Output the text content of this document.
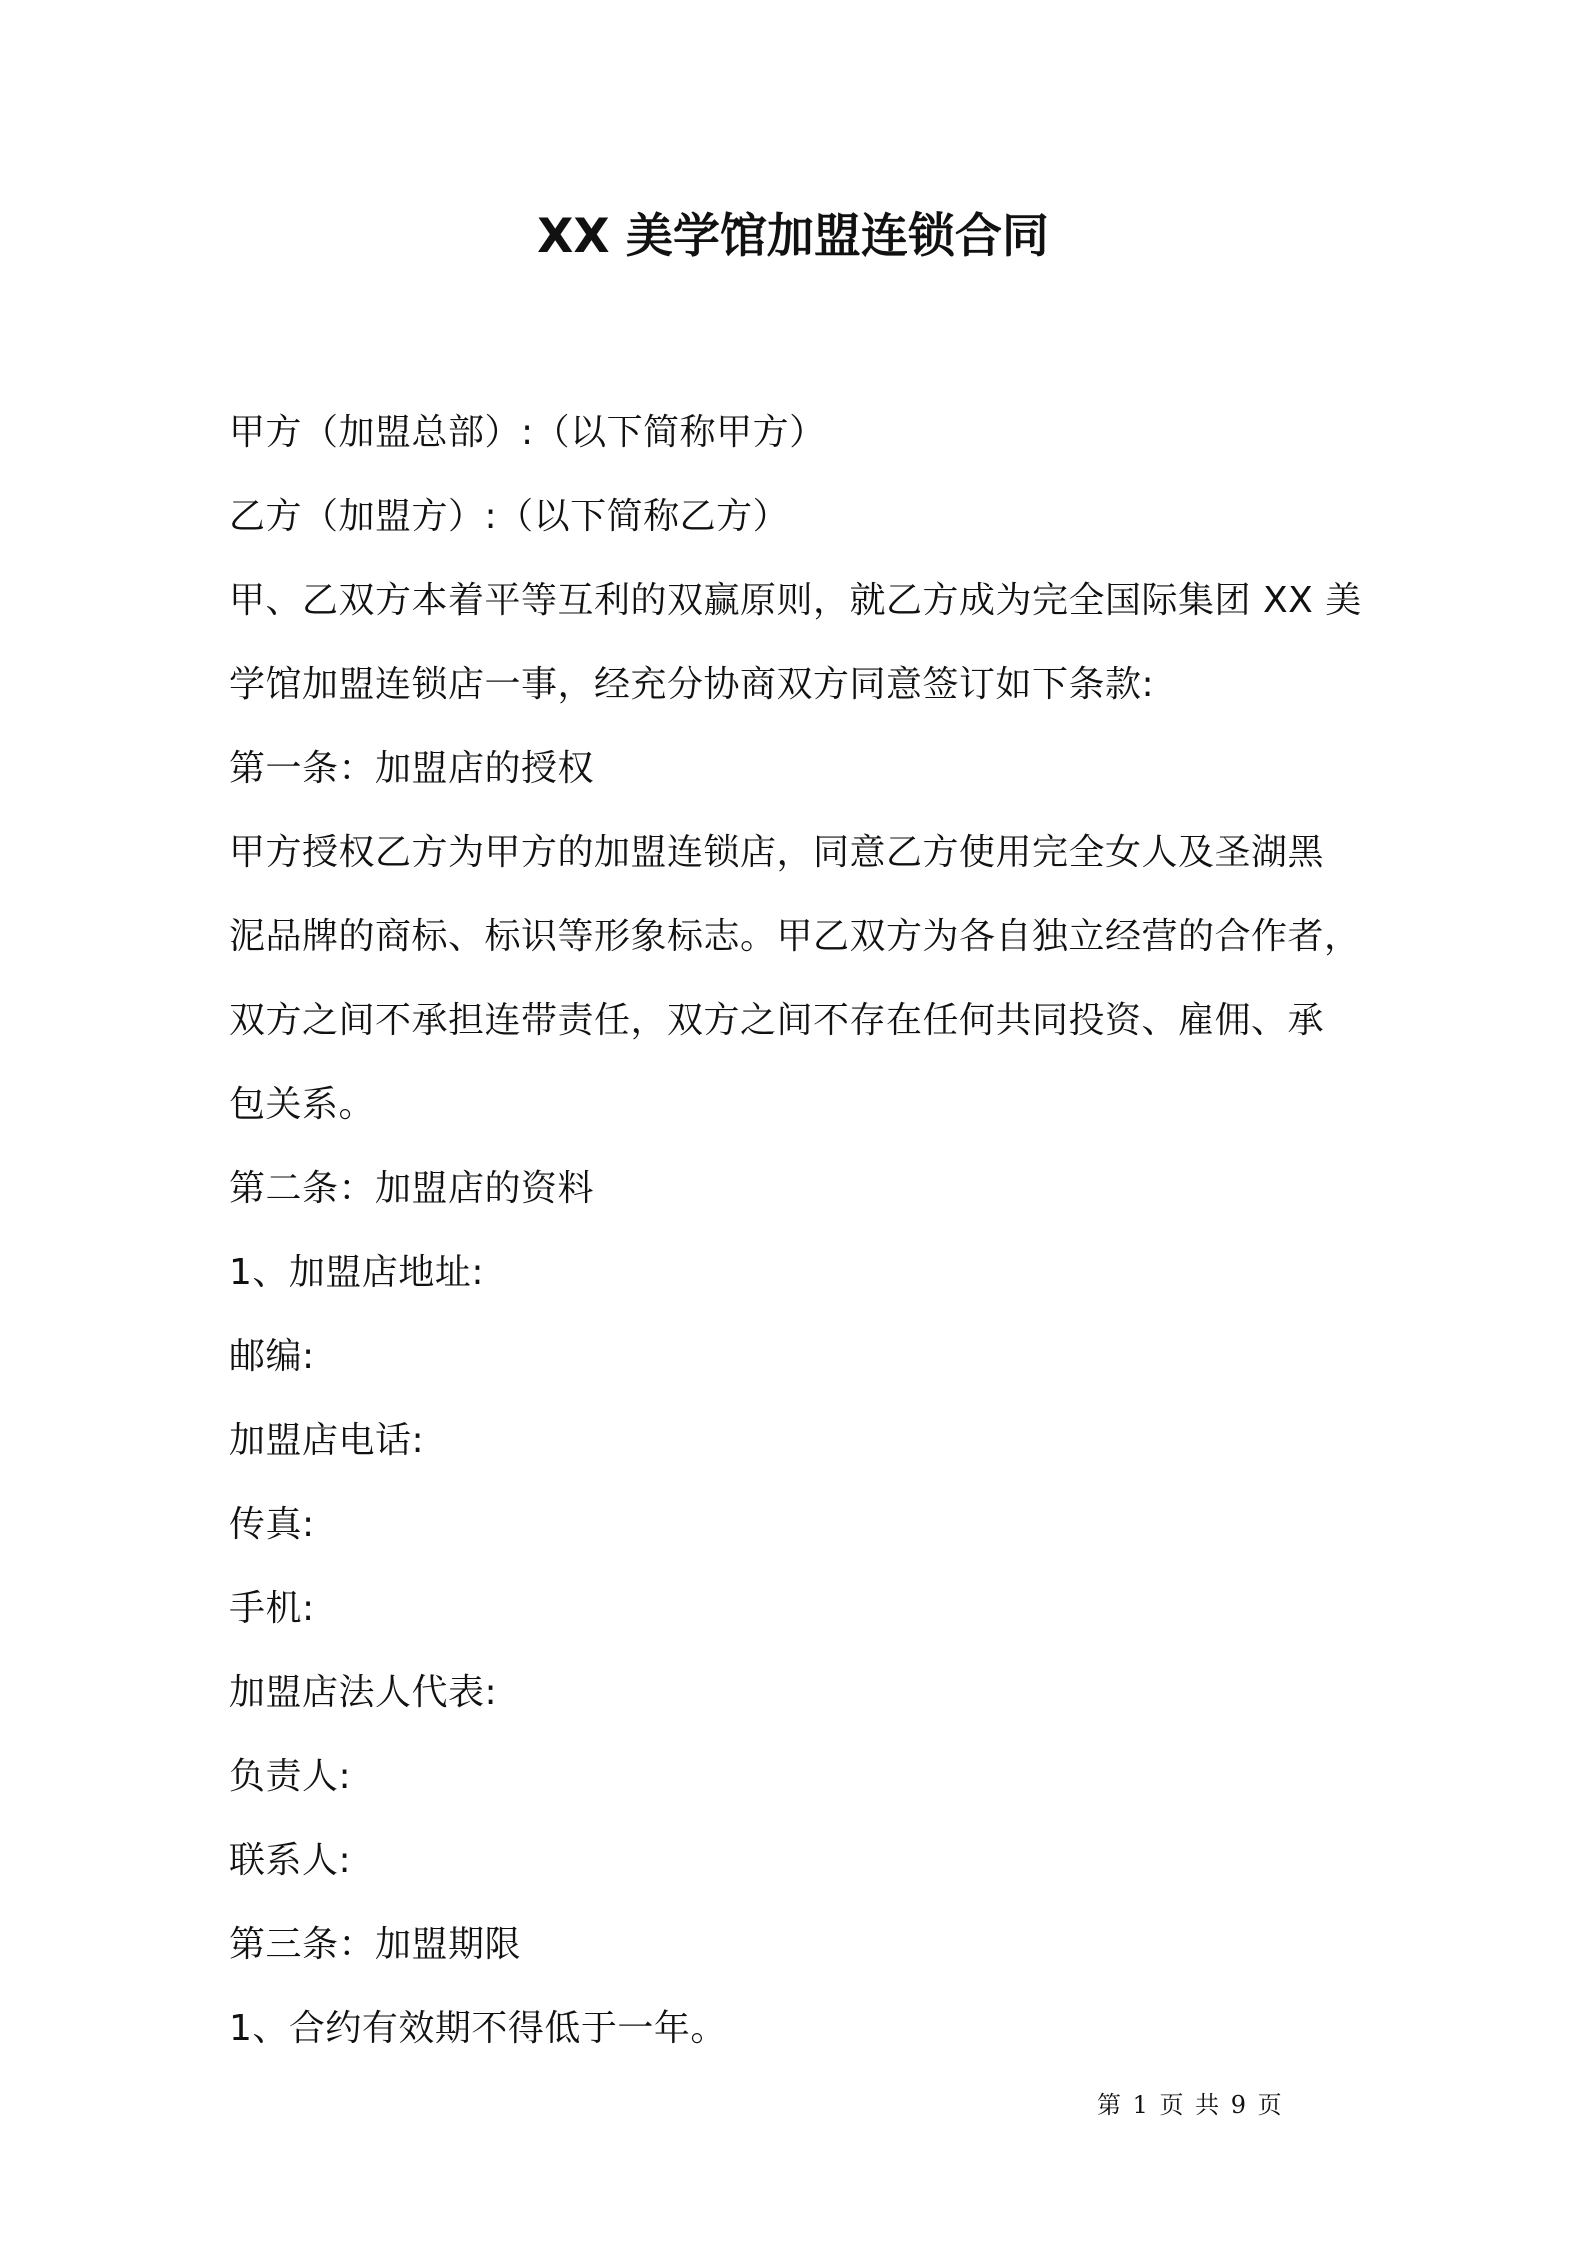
XX 美学馆加盟连锁合同

甲方（加盟总部）:（以下简称甲方）

乙方（加盟方）:（以下简称乙方）

甲、乙双方本着平等互利的双赢原则，就乙方成为完全国际集团 XX 美

学馆加盟连锁店一事，经充分协商双方同意签订如下条款:

第一条：加盟店的授权

甲方授权乙方为甲方的加盟连锁店，同意乙方使用完全女人及圣湖黑

泥品牌的商标、标识等形象标志。甲乙双方为各自独立经营的合作者，

双方之间不承担连带责任，双方之间不存在任何共同投资、雇佣、承

包关系。

第二条：加盟店的资料

1、加盟店地址:

邮编:

加盟店电话:

传真:

手机:

加盟店法人代表:

负责人:

联系人:

第三条：加盟期限

1、合约有效期不得低于一年。

第 1 页 共 9 页
